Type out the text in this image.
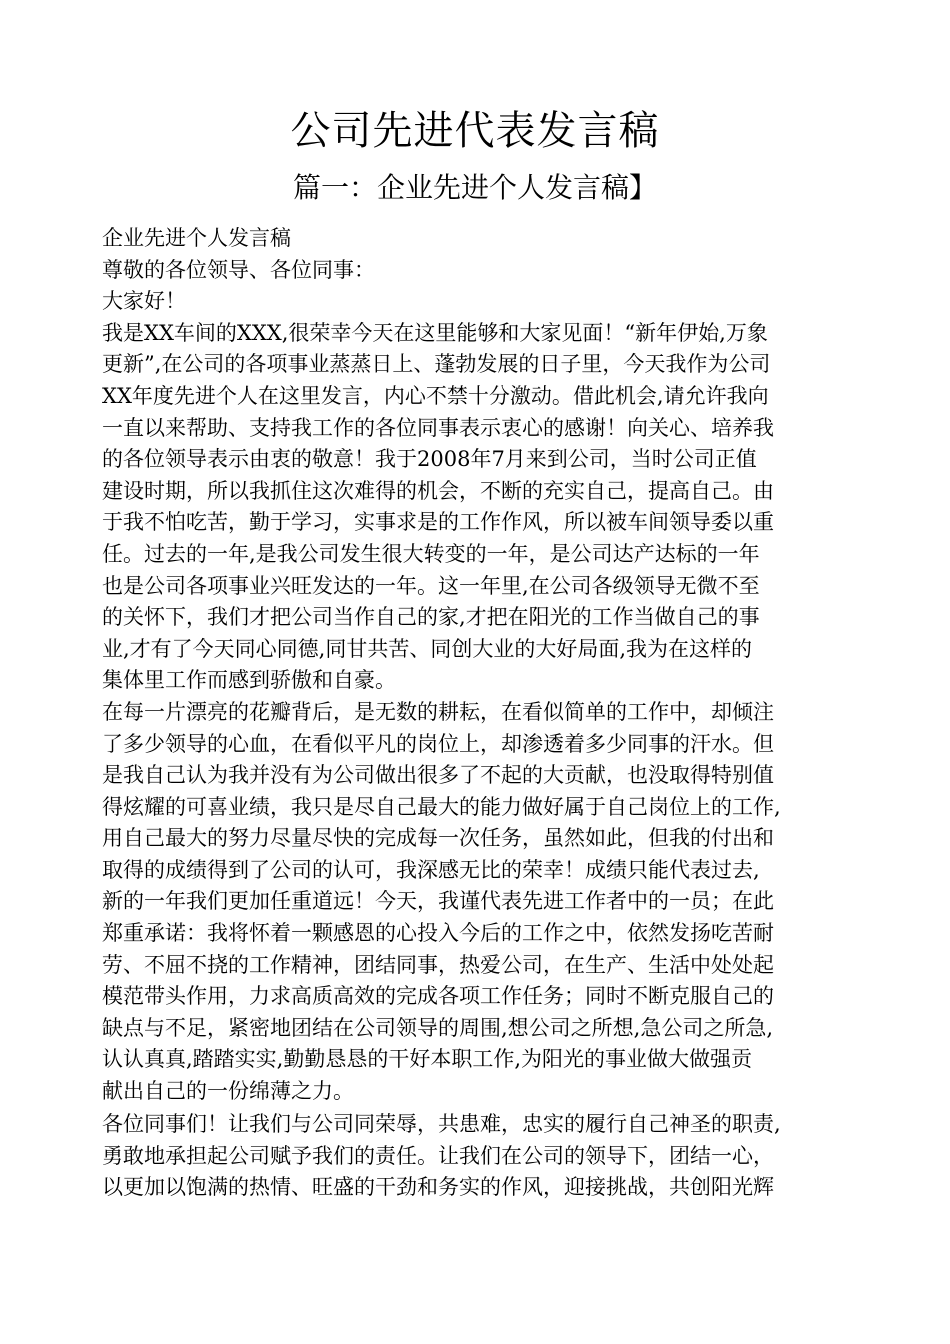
公司先进代表发言稿
篇一：企业先进个人发言稿】
企业先进个人发言稿
尊敬的各位领导、各位同事：
大家好！
我是XX车间的XXX,很荣幸今天在这里能够和大家见面！“新年伊始,万象
更新”,在公司的各项事业蒸蒸日上、蓬勃发展的日子里，今天我作为公司
XX年度先进个人在这里发言，内心不禁十分激动。借此机会,请允许我向
一直以来帮助、支持我工作的各位同事表示衷心的感谢！向关心、培养我
的各位领导表示由衷的敬意！我于2008年7月来到公司，当时公司正值
建设时期，所以我抓住这次难得的机会，不断的充实自己，提高自己。由
于我不怕吃苦，勤于学习，实事求是的工作作风，所以被车间领导委以重
任。过去的一年,是我公司发生很大转变的一年，是公司达产达标的一年
也是公司各项事业兴旺发达的一年。这一年里,在公司各级领导无微不至
的关怀下，我们才把公司当作自己的家,才把在阳光的工作当做自己的事
业,才有了今天同心同德,同甘共苦、同创大业的大好局面,我为在这样的
集体里工作而感到骄傲和自豪。
在每一片漂亮的花瓣背后，是无数的耕耘，在看似简单的工作中，却倾注
了多少领导的心血，在看似平凡的岗位上，却渗透着多少同事的汗水。但
是我自己认为我并没有为公司做出很多了不起的大贡献，也没取得特别值
得炫耀的可喜业绩，我只是尽自己最大的能力做好属于自己岗位上的工作,
用自己最大的努力尽量尽快的完成每一次任务，虽然如此，但我的付出和
取得的成绩得到了公司的认可，我深感无比的荣幸！成绩只能代表过去,
新的一年我们更加任重道远！今天，我谨代表先进工作者中的一员；在此
郑重承诺：我将怀着一颗感恩的心投入今后的工作之中，依然发扬吃苦耐
劳、不屈不挠的工作精神，团结同事，热爱公司，在生产、生活中处处起
模范带头作用，力求高质高效的完成各项工作任务；同时不断克服自己的
缺点与不足，紧密地团结在公司领导的周围,想公司之所想,急公司之所急,
认认真真,踏踏实实,勤勤恳恳的干好本职工作,为阳光的事业做大做强贡
献出自己的一份绵薄之力。
各位同事们！让我们与公司同荣辱，共患难，忠实的履行自己神圣的职责,
勇敢地承担起公司赋予我们的责任。让我们在公司的领导下，团结一心，
以更加以饱满的热情、旺盛的干劲和务实的作风，迎接挑战，共创阳光辉
